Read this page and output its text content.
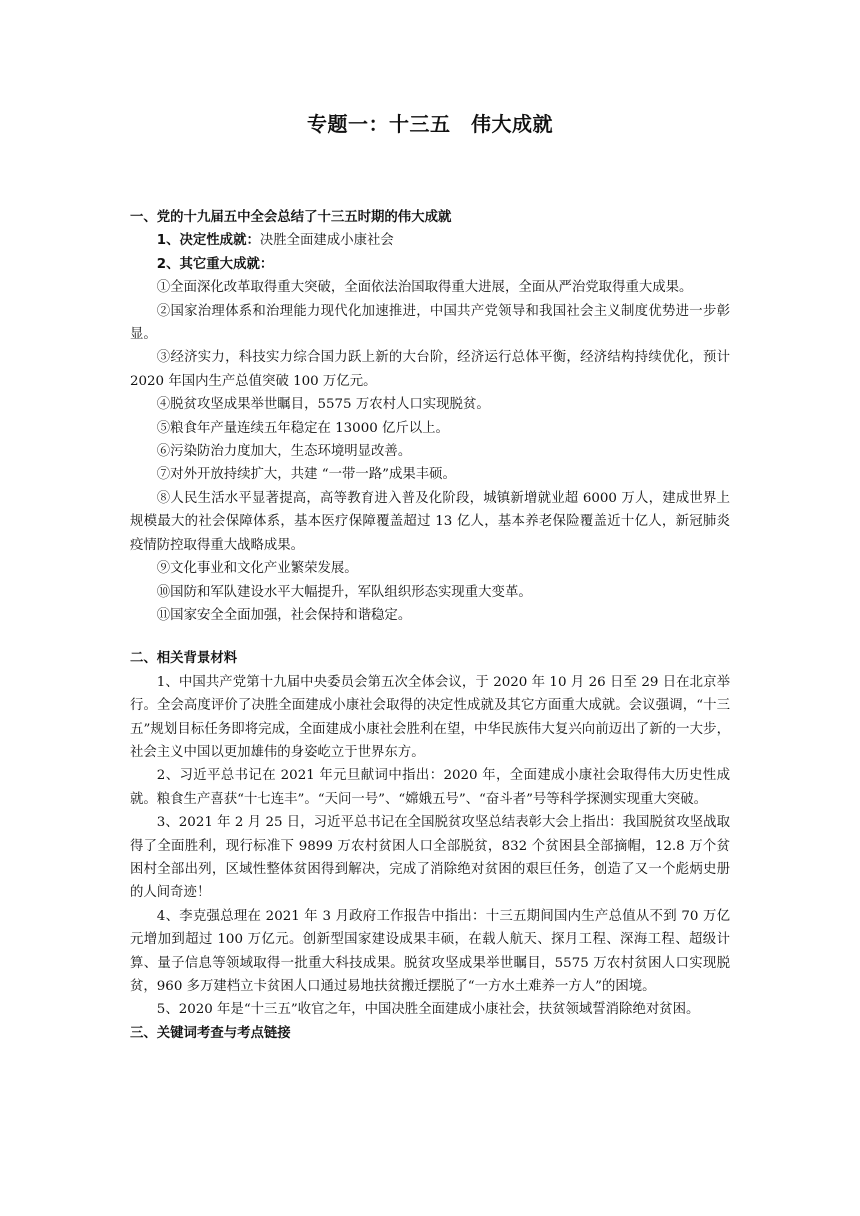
专题一：十三五　伟大成就
一、党的十九届五中全会总结了十三五时期的伟大成就

1、决定性成就：决胜全面建成小康社会

2、其它重大成就：

①全面深化改革取得重大突破，全面依法治国取得重大进展，全面从严治党取得重大成果。

②国家治理体系和治理能力现代化加速推进，中国共产党领导和我国社会主义制度优势进一步彰显。

③经济实力，科技实力综合国力跃上新的大台阶，经济运行总体平衡，经济结构持续优化，预计 2020 年国内生产总值突破 100 万亿元。

④脱贫攻坚成果举世瞩目，5575 万农村人口实现脱贫。

⑤粮食年产量连续五年稳定在 13000 亿斤以上。

⑥污染防治力度加大，生态环境明显改善。

⑦对外开放持续扩大，共建 “一带一路”成果丰硕。

⑧人民生活水平显著提高，高等教育进入普及化阶段，城镇新增就业超 6000 万人，建成世界上规模最大的社会保障体系，基本医疗保障覆盖超过 13 亿人，基本养老保险覆盖近十亿人，新冠肺炎疫情防控取得重大战略成果。

⑨文化事业和文化产业繁荣发展。

⑩国防和军队建设水平大幅提升，军队组织形态实现重大变革。

⑪国家安全全面加强，社会保持和谐稳定。

二、相关背景材料

1、中国共产党第十九届中央委员会第五次全体会议，于 2020 年 10 月 26 日至 29 日在北京举行。全会高度评价了决胜全面建成小康社会取得的决定性成就及其它方面重大成就。会议强调，“十三五”规划目标任务即将完成，全面建成小康社会胜利在望，中华民族伟大复兴向前迈出了新的一大步，社会主义中国以更加雄伟的身姿屹立于世界东方。

2、习近平总书记在 2021 年元旦献词中指出：2020 年，全面建成小康社会取得伟大历史性成就。粮食生产喜获“十七连丰”。“天问一号”、“嫦娥五号”、“奋斗者”号等科学探测实现重大突破。

3、2021 年 2 月 25 日，习近平总书记在全国脱贫攻坚总结表彰大会上指出：我国脱贫攻坚战取得了全面胜利，现行标准下 9899 万农村贫困人口全部脱贫，832 个贫困县全部摘帽，12.8 万个贫困村全部出列，区域性整体贫困得到解决，完成了消除绝对贫困的艰巨任务，创造了又一个彪炳史册的人间奇迹！

4、李克强总理在 2021 年 3 月政府工作报告中指出：十三五期间国内生产总值从不到 70 万亿元增加到超过 100 万亿元。创新型国家建设成果丰硕，在载人航天、探月工程、深海工程、超级计算、量子信息等领域取得一批重大科技成果。脱贫攻坚成果举世瞩目，5575 万农村贫困人口实现脱贫，960 多万建档立卡贫困人口通过易地扶贫搬迁摆脱了“一方水土难养一方人”的困境。

5、2020 年是“十三五”收官之年，中国决胜全面建成小康社会，扶贫领域誓消除绝对贫困。

三、关键词考查与考点链接
